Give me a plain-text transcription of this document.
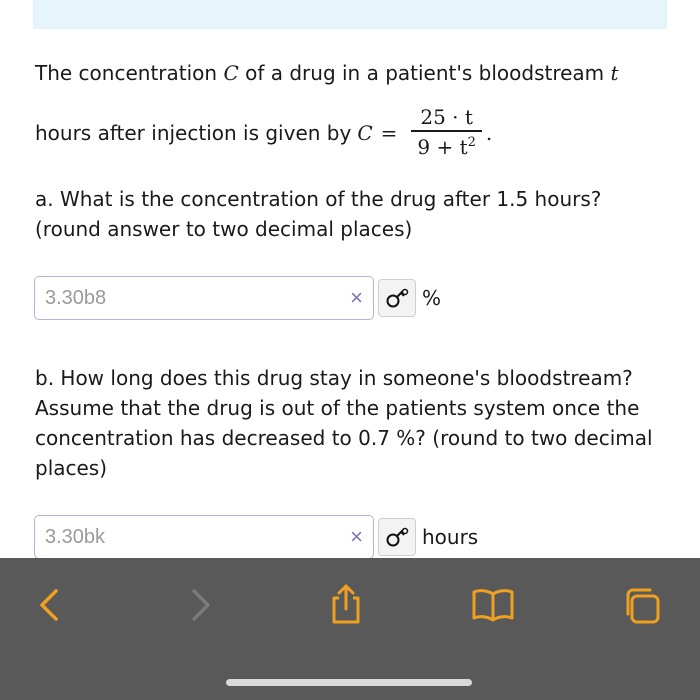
The concentration C of a drug in a patient's bloodstream t
hours after injection is given by $C = \frac{25 \cdot t}{9 + t^2}$ .
a. What is the concentration of the drug after 1.5 hours? (round answer to two decimal places)
3.30b8	×	%
b. How long does this drug stay in someone's bloodstream? Assume that the drug is out of the patients system once the concentration has decreased to 0.7 %? (round to two decimal places)
3.30bk	×	hours
